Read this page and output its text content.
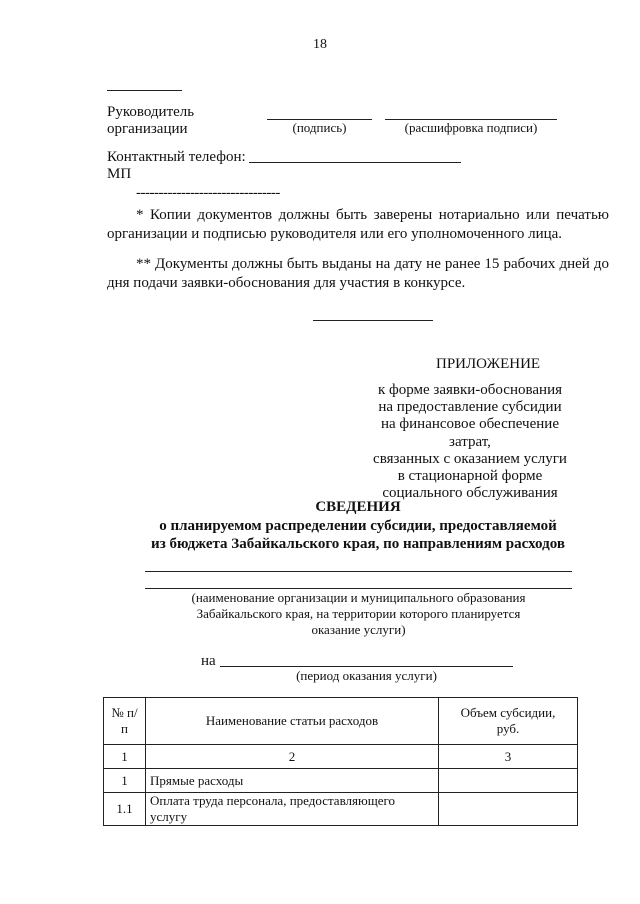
18
Руководитель
организации	(подпись)	(расшифровка подписи)
Контактный телефон:
МП
--------------------------------
* Копии документов должны быть заверены нотариально или печатью организации и подписью руководителя или его уполномоченного лица.
** Документы должны быть выданы на дату не ранее 15 рабочих дней до дня подачи заявки-обоснования для участия в конкурсе.
ПРИЛОЖЕНИЕ
к форме заявки-обоснования
на предоставление субсидии
на финансовое обеспечение затрат,
связанных с оказанием услуги
в стационарной форме
социального обслуживания
СВЕДЕНИЯ
о планируемом распределении субсидии, предоставляемой
из бюджета Забайкальского края, по направлениям расходов
(наименование организации и муниципального образования
Забайкальского края, на территории которого планируется
оказание услуги)
на
(период оказания услуги)
№ п/п	Наименование статьи расходов	Объем субсидии, руб.
1	2	3
1	Прямые расходы	
1.1	Оплата труда персонала, предоставляющего услугу	
